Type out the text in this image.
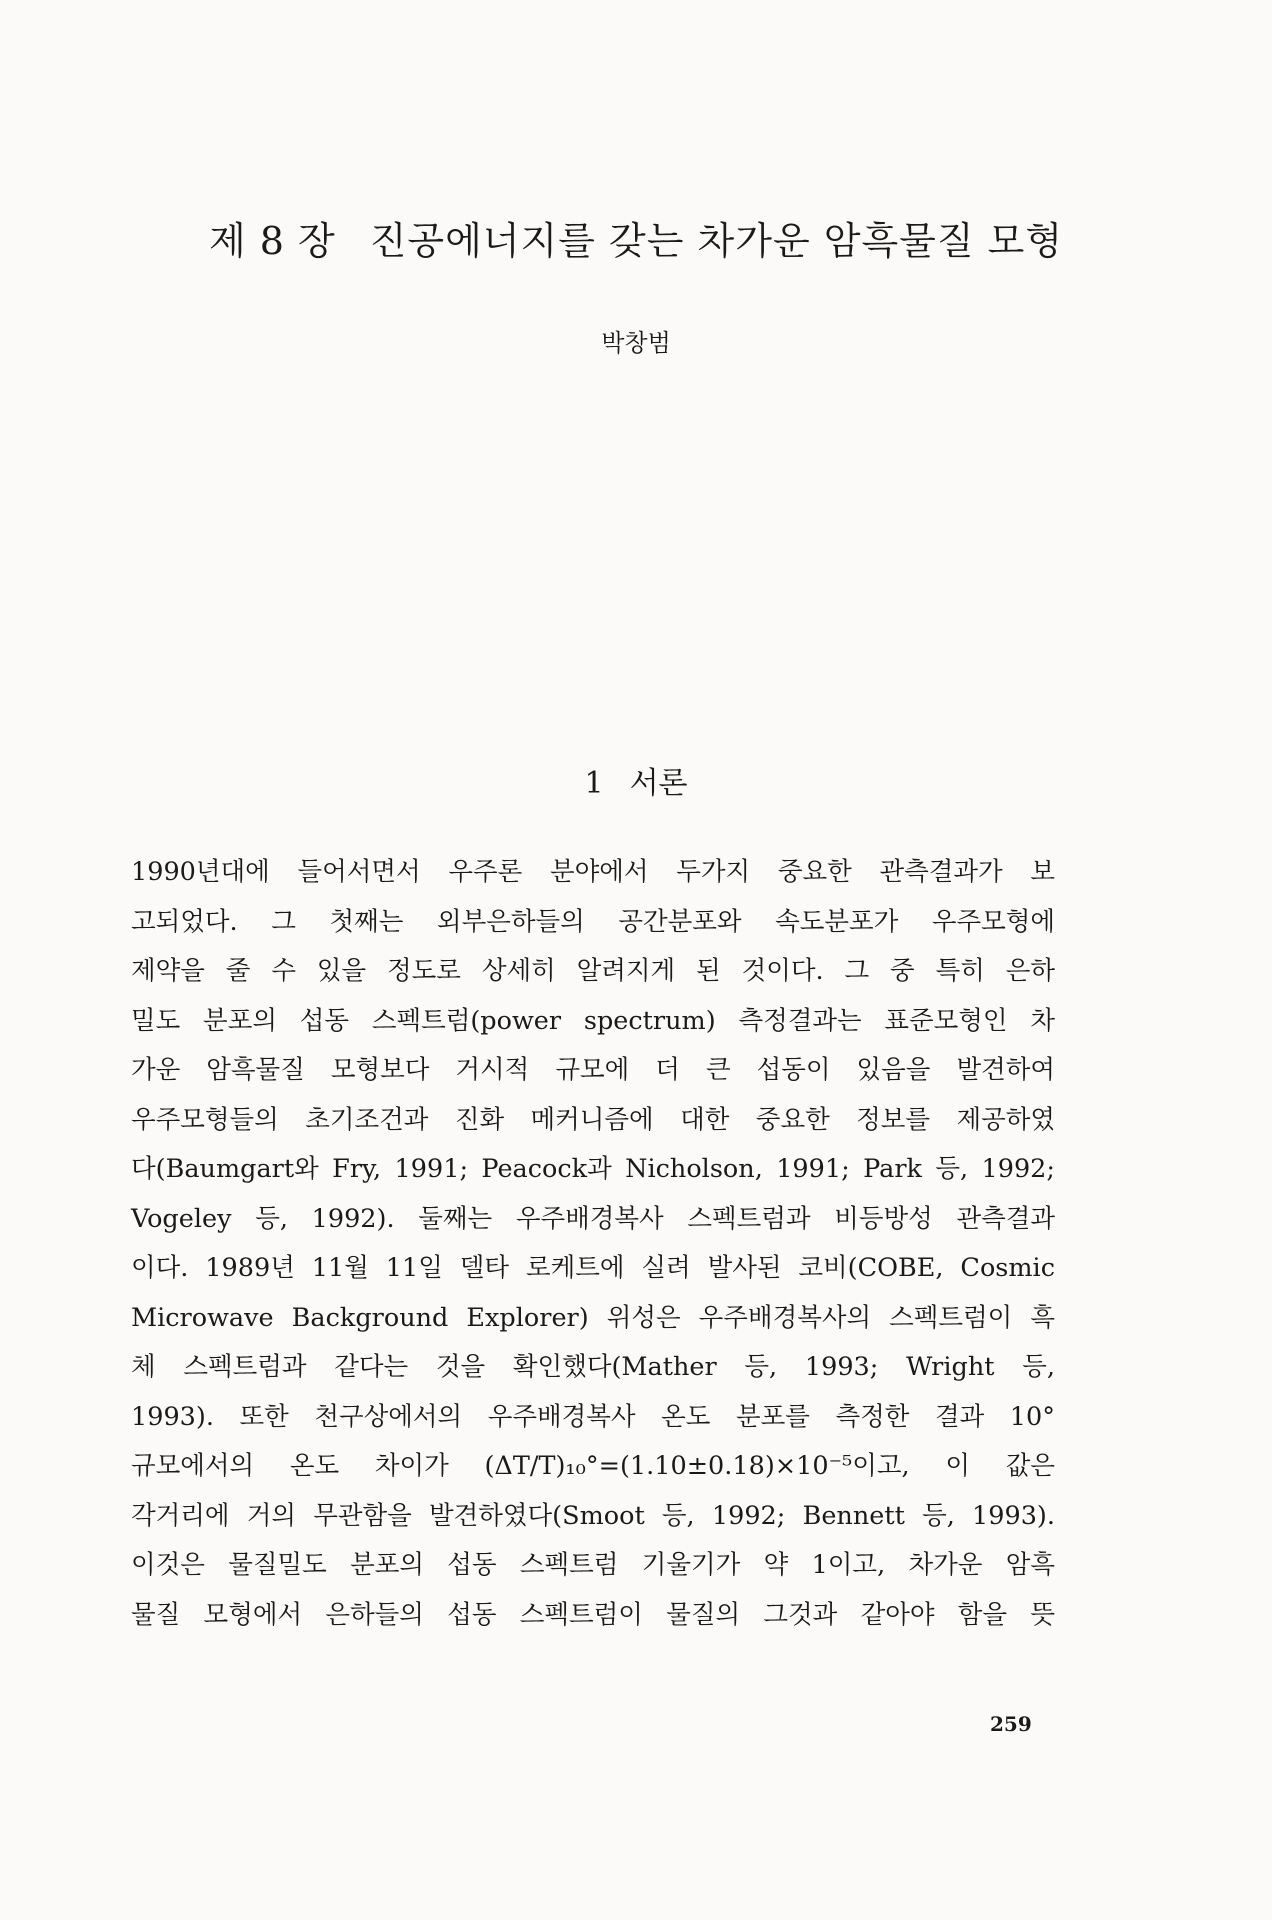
제 8 장 진공에너지를 갖는 차가운 암흑물질 모형

박창범

1 서론
1990년대에 들어서면서 우주론 분야에서 두가지 중요한 관측결과가 보
고되었다. 그 첫째는 외부은하들의 공간분포와 속도분포가 우주모형에
제약을 줄 수 있을 정도로 상세히 알려지게 된 것이다. 그 중 특히 은하
밀도 분포의 섭동 스펙트럼(power spectrum) 측정결과는 표준모형인 차
가운 암흑물질 모형보다 거시적 규모에 더 큰 섭동이 있음을 발견하여
우주모형들의 초기조건과 진화 메커니즘에 대한 중요한 정보를 제공하였
다(Baumgart와 Fry, 1991; Peacock과 Nicholson, 1991; Park 등, 1992;
Vogeley 등, 1992). 둘째는 우주배경복사 스펙트럼과 비등방성 관측결과
이다. 1989년 11월 11일 델타 로케트에 실려 발사된 코비(COBE, Cosmic
Microwave Background Explorer) 위성은 우주배경복사의 스펙트럼이 흑
체 스펙트럼과 같다는 것을 확인했다(Mather 등, 1993; Wright 등,
1993). 또한 천구상에서의 우주배경복사 온도 분포를 측정한 결과 10°
규모에서의 온도 차이가 (ΔT/T)₁₀°=(1.10±0.18)×10⁻⁵이고, 이 값은
각거리에 거의 무관함을 발견하였다(Smoot 등, 1992; Bennett 등, 1993).
이것은 물질밀도 분포의 섭동 스펙트럼 기울기가 약 1이고, 차가운 암흑
물질 모형에서 은하들의 섭동 스펙트럼이 물질의 그것과 같아야 함을 뜻

259
